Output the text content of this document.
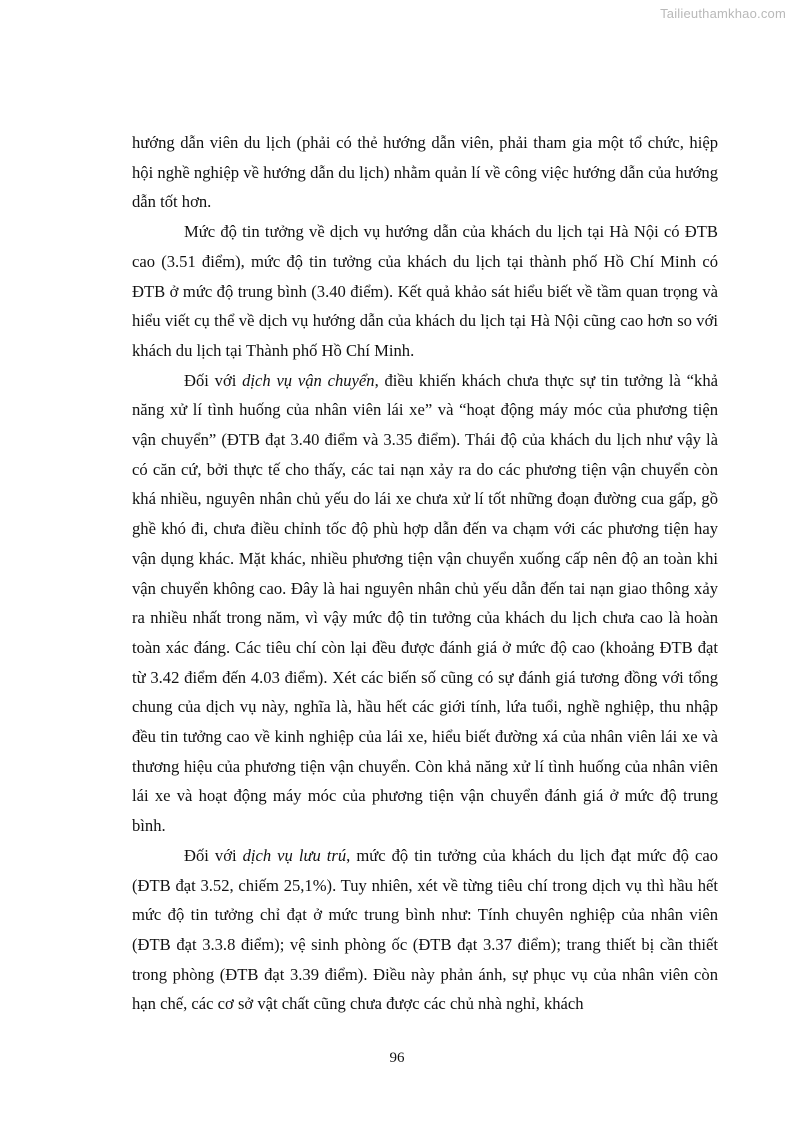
Tailieuthamkhao.com

hướng dẫn viên du lịch (phải có thẻ hướng dẫn viên, phải tham gia một tổ chức, hiệp hội nghề nghiệp về hướng dẫn du lịch) nhằm quản lí về công việc hướng dẫn của hướng dẫn tốt hơn.

Mức độ tin tưởng về dịch vụ hướng dẫn của khách du lịch tại Hà Nội có ĐTB cao (3.51 điểm), mức độ tin tưởng của khách du lịch tại thành phố Hồ Chí Minh có ĐTB ở mức độ trung bình (3.40 điểm). Kết quả khảo sát hiểu biết về tầm quan trọng và hiểu viết cụ thể về dịch vụ hướng dẫn của khách du lịch tại Hà Nội cũng cao hơn so với khách du lịch tại Thành phố Hồ Chí Minh.

Đối với dịch vụ vận chuyển, điều khiến khách chưa thực sự tin tưởng là “khả năng xử lí tình huống của nhân viên lái xe” và “hoạt động máy móc của phương tiện vận chuyển” (ĐTB đạt 3.40 điểm và 3.35 điểm). Thái độ của khách du lịch như vậy là có căn cứ, bởi thực tế cho thấy, các tai nạn xảy ra do các phương tiện vận chuyển còn khá nhiều, nguyên nhân chủ yếu do lái xe chưa xử lí tốt những đoạn đường cua gấp, gồ ghề khó đi, chưa điều chỉnh tốc độ phù hợp dẫn đến va chạm với các phương tiện hay vận dụng khác. Mặt khác, nhiều phương tiện vận chuyển xuống cấp nên độ an toàn khi vận chuyển không cao. Đây là hai nguyên nhân chủ yếu dẫn đến tai nạn giao thông xảy ra nhiều nhất trong năm, vì vậy mức độ tin tưởng của khách du lịch chưa cao là hoàn toàn xác đáng. Các tiêu chí còn lại đều được đánh giá ở mức độ cao (khoảng ĐTB đạt từ 3.42 điểm đến 4.03 điểm). Xét các biến số cũng có sự đánh giá tương đồng với tổng chung của dịch vụ này, nghĩa là, hầu hết các giới tính, lứa tuổi, nghề nghiệp, thu nhập đều tin tưởng cao về kinh nghiệp của lái xe, hiểu biết đường xá của nhân viên lái xe và thương hiệu của phương tiện vận chuyển. Còn khả năng xử lí tình huống của nhân viên lái xe và hoạt động máy móc của phương tiện vận chuyển đánh giá ở mức độ trung bình.

Đối với dịch vụ lưu trú, mức độ tin tưởng của khách du lịch đạt mức độ cao (ĐTB đạt 3.52, chiếm 25,1%). Tuy nhiên, xét về từng tiêu chí trong dịch vụ thì hầu hết mức độ tin tưởng chỉ đạt ở mức trung bình như: Tính chuyên nghiệp của nhân viên (ĐTB đạt 3.3.8 điểm); vệ sinh phòng ốc (ĐTB đạt 3.37 điểm); trang thiết bị cần thiết trong phòng (ĐTB đạt 3.39 điểm). Điều này phản ánh, sự phục vụ của nhân viên còn hạn chế, các cơ sở vật chất cũng chưa được các chủ nhà nghỉ, khách

96
